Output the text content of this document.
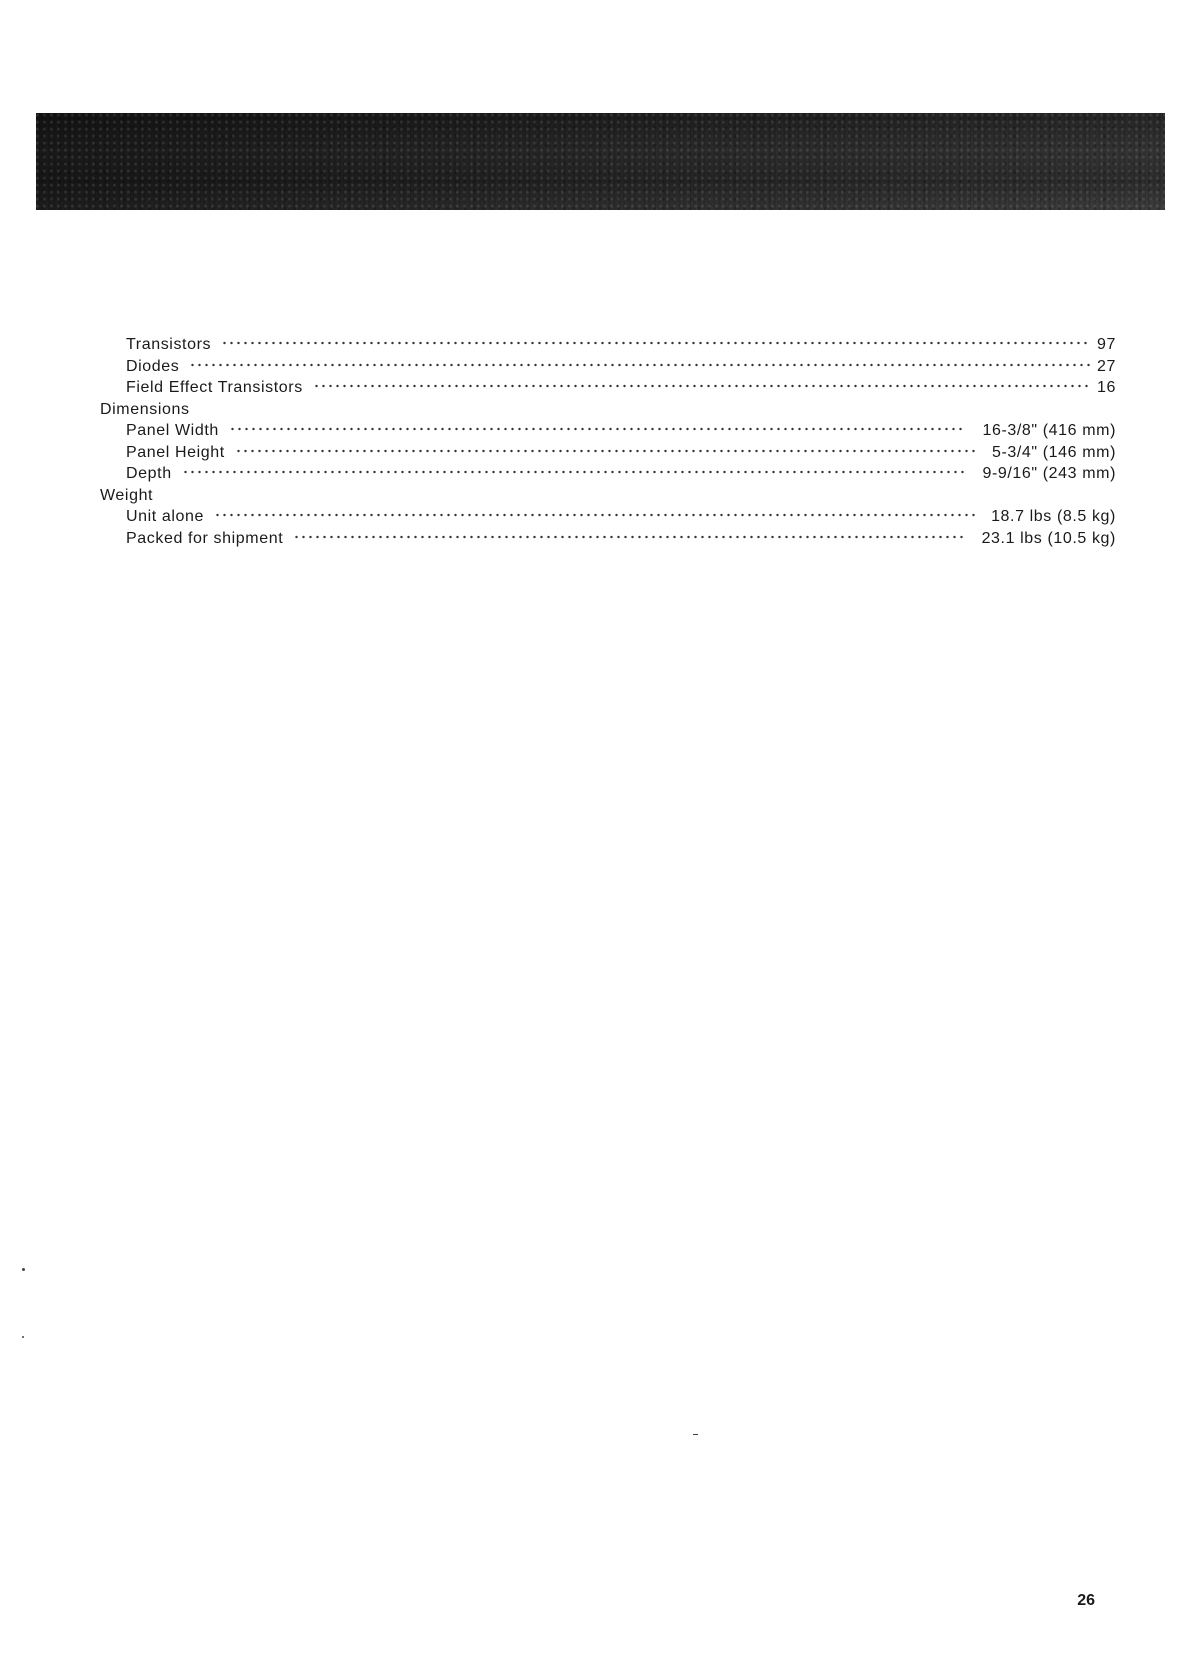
Transistors	97
Diodes	27
Field Effect Transistors	16
Dimensions
Panel Width	16-3/8" (416 mm)
Panel Height	5-3/4" (146 mm)
Depth	9-9/16" (243 mm)
Weight
Unit alone	18.7 lbs (8.5 kg)
Packed for shipment	23.1 lbs (10.5 kg)
26
